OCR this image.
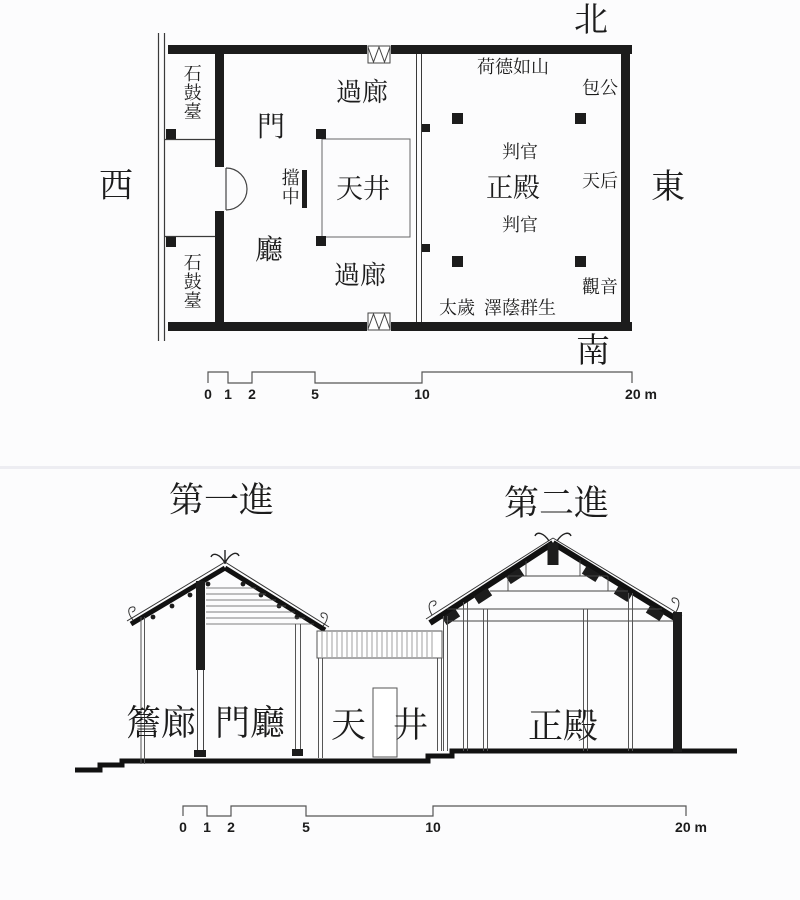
北
西	東
南
石鼓臺
石鼓臺
門
廳
過廊
過廊
擋中 天井	正殿
荷德如山
包公
判官
天后
判官
觀音
太歲 澤蔭群生
0 1 2	5	10	20 m
第一進	第二進
簷廊 門廳 天井 正殿
0 1 2	5	10	20 m
